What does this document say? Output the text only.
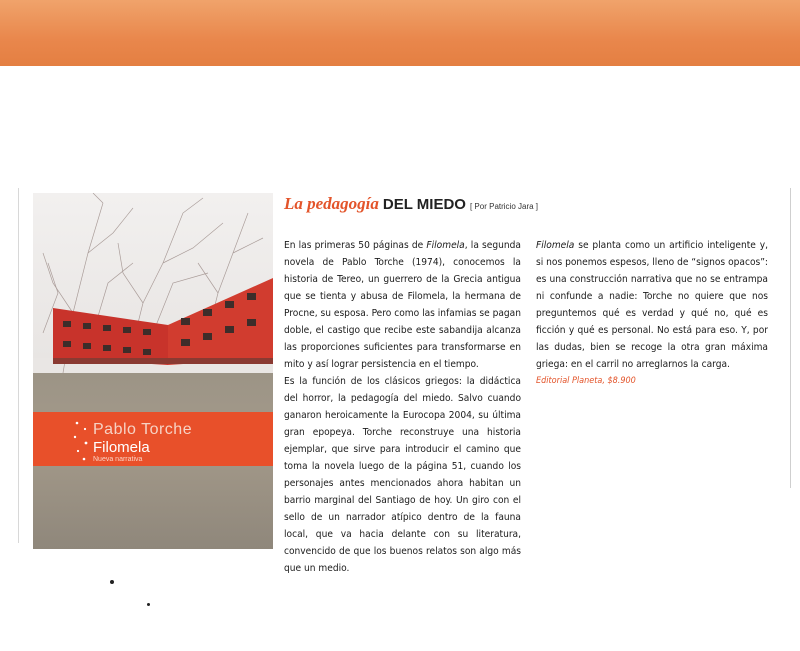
Pablo Torche
Filomela
Nueva narrativa
La pedagogía DEL MIEDO [ Por Patricio Jara ]

En las primeras 50 páginas de Filomela, la segunda novela de Pablo Torche (1974), conocemos la historia de Tereo, un guerrero de la Grecia antigua que se tienta y abusa de Filomela, la hermana de Procne, su esposa. Pero como las infamias se pagan doble, el castigo que recibe este sabandija alcanza las proporciones suficientes para transformarse en mito y así lograr persistencia en el tiempo.

Es la función de los clásicos griegos: la didáctica del horror, la pedagogía del miedo. Salvo cuando ganaron heroicamente la Eurocopa 2004, su última gran epopeya. Torche reconstruye una historia ejemplar, que sirve para introducir el camino que toma la novela luego de la página 51, cuando los personajes antes mencionados ahora habitan un barrio marginal del Santiago de hoy. Un giro con el sello de un narrador atípico dentro de la fauna local, que va hacia delante con su literatura, convencido de que los buenos relatos son algo más que un medio.

Filomela se planta como un artificio inteligente y, si nos ponemos espesos, lleno de “signos opacos”: es una construcción narrativa que no se entrampa ni confunde a nadie: Torche no quiere que nos preguntemos qué es verdad y qué no, qué es ficción y qué es personal. No está para eso. Y, por las dudas, bien se recoge la otra gran máxima griega: en el carril no arreglarnos la carga.

Editorial Planeta, $8.900
